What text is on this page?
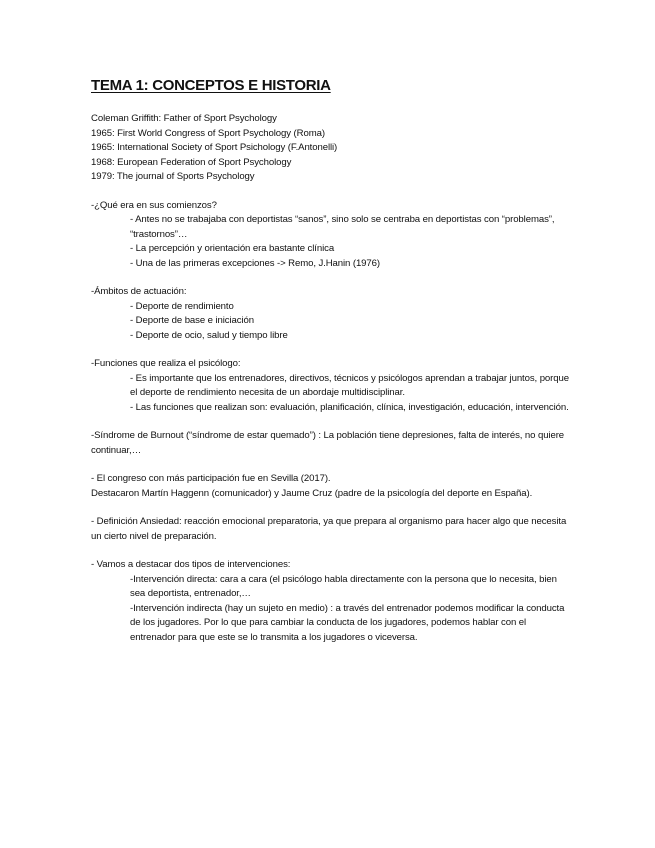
TEMA 1: CONCEPTOS E HISTORIA
Coleman Griffith: Father of Sport Psychology
1965: First World Congress of Sport Psychology (Roma)
1965: International Society of Sport Psichology (F.Antonelli)
1968: European Federation of Sport Psychology
1979: The journal of Sports Psychology
-¿Qué era en sus comienzos?
- Antes no se trabajaba con deportistas “sanos”, sino solo se centraba en deportistas con “problemas”, “trastornos”…
- La percepción y orientación era bastante clínica
- Una de las primeras excepciones -> Remo, J.Hanin (1976)
-Ámbitos de actuación:
- Deporte de rendimiento
- Deporte de base e iniciación
- Deporte de ocio, salud y tiempo libre
-Funciones que realiza el psicólogo:
- Es importante que los entrenadores, directivos, técnicos y psicólogos aprendan a trabajar juntos, porque el deporte de rendimiento necesita de un abordaje multidisciplinar.
- Las funciones que realizan son: evaluación, planificación, clínica, investigación, educación, intervención.
-Síndrome de Burnout (“síndrome de estar quemado”) : La población tiene depresiones, falta de interés, no quiere continuar,…
- El congreso con más participación fue en Sevilla (2017).
Destacaron Martín Haggenn (comunicador) y Jaume Cruz (padre de la psicología del deporte en España).
- Definición Ansiedad: reacción emocional preparatoria, ya que prepara al organismo para hacer algo que necesita un cierto nivel de preparación.
- Vamos a destacar dos tipos de intervenciones:
-Intervención directa: cara a cara (el psicólogo habla directamente con la persona que lo necesita, bien sea deportista, entrenador,…
-Intervención indirecta (hay un sujeto en medio) : a través del entrenador podemos modificar la conducta de los jugadores. Por lo que para cambiar la conducta de los jugadores, podemos hablar con el entrenador para que este se lo transmita a los jugadores o viceversa.
